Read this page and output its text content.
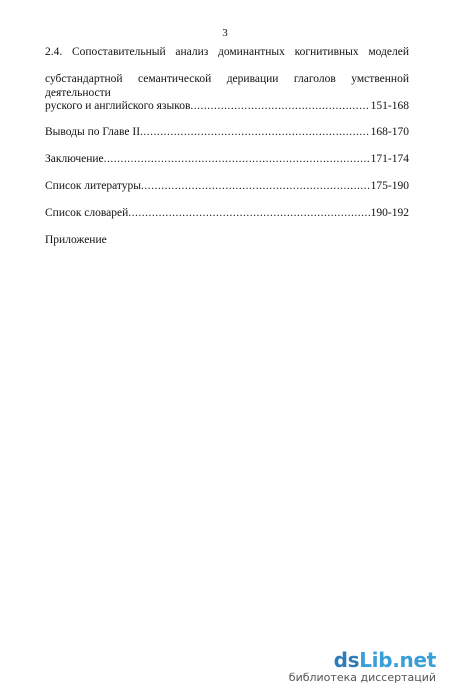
3
2.4. Сопоставительный анализ доминантных когнитивных моделей
субстандартной семантической деривации глаголов умственной деятельности
руского и английского языков .....	151-168
Выводы по Главе II .....	168-170
Заключение .....	171-174
Список литературы .....	175-190
Список словарей .....	190-192
Приложение
dsLib.net
библиотека диссертаций
